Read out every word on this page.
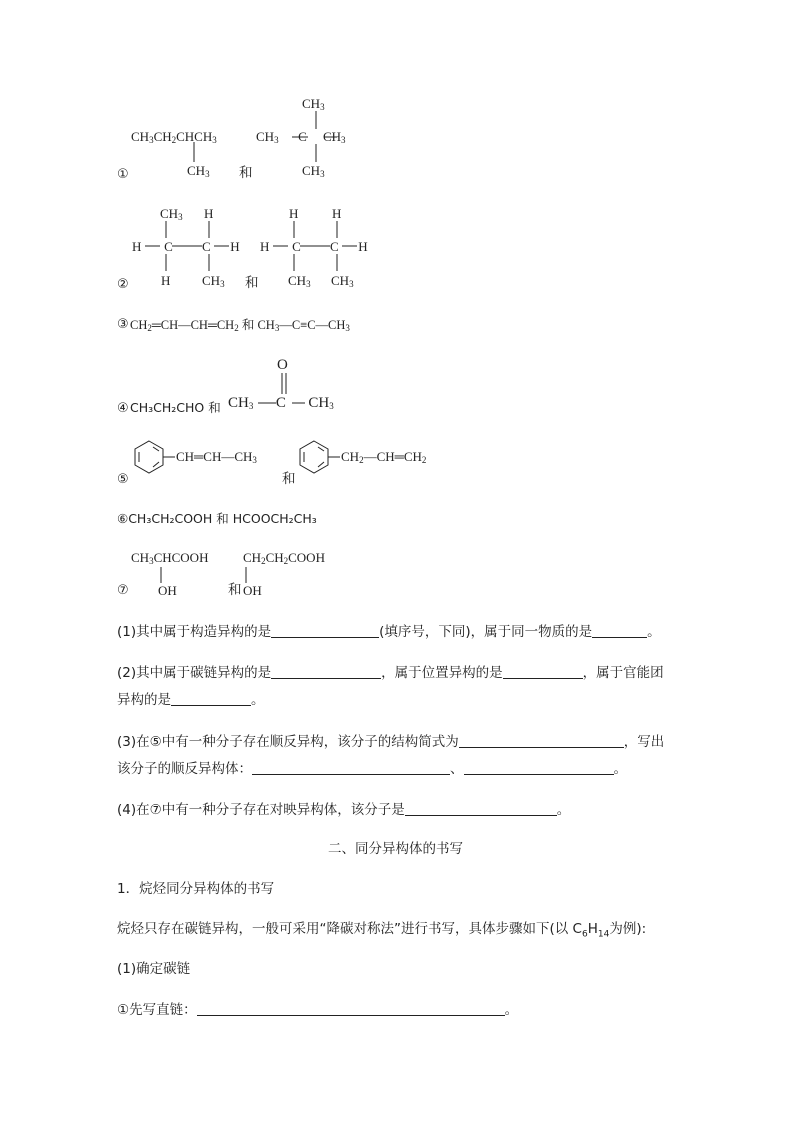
$CH_3CH_2CHCH_3$
$CH_3$
$CH_3$
$CH_3$      C     $CH_3$
$CH_3$
①	和
$CH_3$ H
H       C         C      H
H $CH_3$
H	H
H       C         C      H
$CH_3$ $CH_3$
②	和
③ $CH_2═CH—CH═CH_2$ 和 $CH_3—C\equiv C—CH_3$
④ CH₃CH₂CHO 和
O
$CH_3$      C      $CH_3$
$CH═CH—CH_3$	$CH_2—CH═CH_2$
⑤	和
⑥CH₃CH₂COOH 和 HCOOCH₂CH₃
$CH_3CHCOOH$
OH
$CH_2CH_2COOH$
OH
⑦	和
(1)其中属于构造异构的是	(填序号，下同)，属于同一物质的是	。
(2)其中属于碳链异构的是	，属于位置异构的是	，属于官能团
异构的是	。
(3)在⑤中有一种分子存在顺反异构，该分子的结构简式为	，写出
该分子的顺反异构体：	、	。
(4)在⑦中有一种分子存在对映异构体，该分子是	。
二、同分异构体的书写
1．烷烃同分异构体的书写
烷烃只存在碳链异构，一般可采用“降碳对称法”进行书写，具体步骤如下(以 $C_6H_{14}$为例):
(1)确定碳链
①先写直链：	。
